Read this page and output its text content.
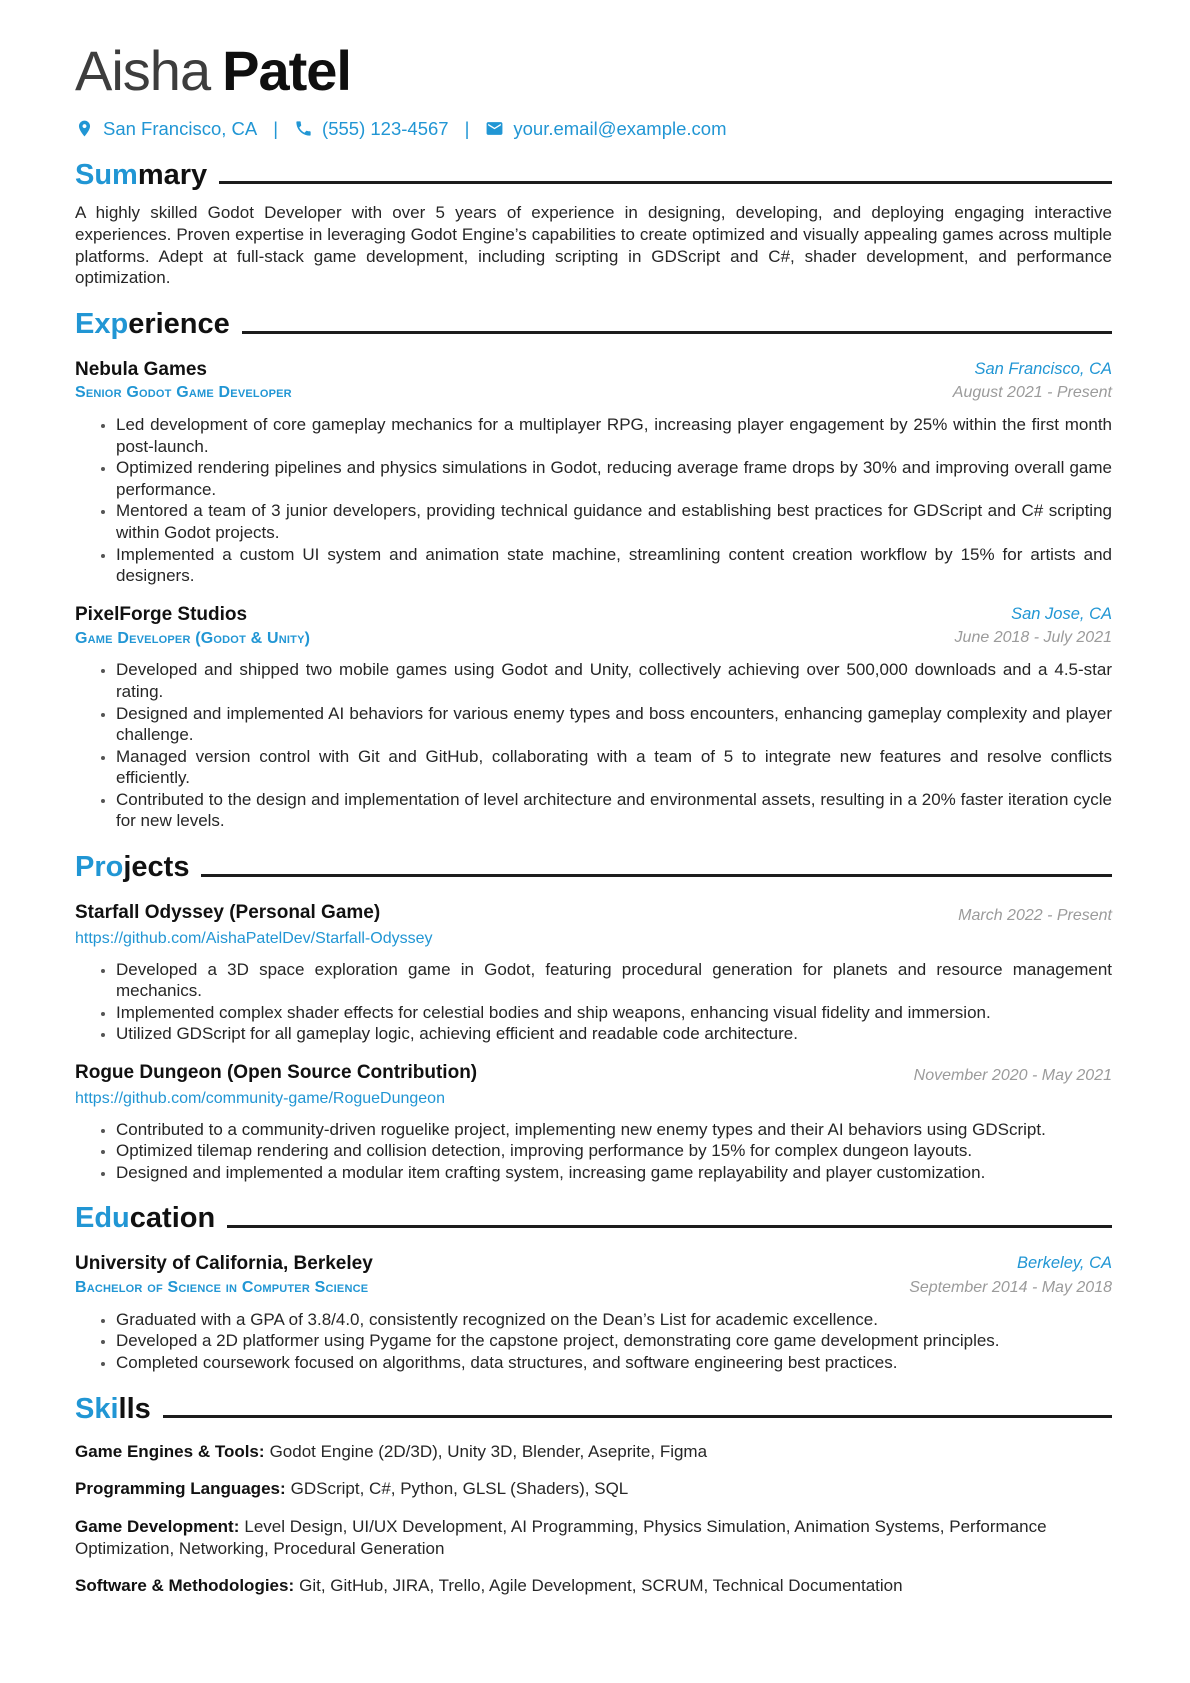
Aisha Patel
San Francisco, CA | (555) 123-4567 | your.email@example.com
Sum mary

A highly skilled Godot Developer with over 5 years of experience in designing, developing, and deploying engaging interactive experiences. Proven expertise in leveraging Godot Engine’s capabilities to create optimized and visually appealing games across multiple platforms. Adept at full-stack game development, including scripting in GDScript and C#, shader development, and performance optimization.

Exp erience
Nebula Games
Senior Godot Game Developer
San Francisco, CA
August 2021 - Present
• Led development of core gameplay mechanics for a multiplayer RPG, increasing player engagement by 25% within the first month post-launch.
• Optimized rendering pipelines and physics simulations in Godot, reducing average frame drops by 30% and improving overall game performance.
• Mentored a team of 3 junior developers, providing technical guidance and establishing best practices for GDScript and C# scripting within Godot projects.
• Implemented a custom UI system and animation state machine, streamlining content creation workflow by 15% for artists and designers.
PixelForge Studios
Game Developer (Godot & Unity)
San Jose, CA
June 2018 - July 2021
• Developed and shipped two mobile games using Godot and Unity, collectively achieving over 500,000 downloads and a 4.5-star rating.
• Designed and implemented AI behaviors for various enemy types and boss encounters, enhancing gameplay complexity and player challenge.
• Managed version control with Git and GitHub, collaborating with a team of 5 to integrate new features and resolve conflicts efficiently.
• Contributed to the design and implementation of level architecture and environmental assets, resulting in a 20% faster iteration cycle for new levels.
Pro jects
Starfall Odyssey (Personal Game)
https://github.com/AishaPatelDev/Starfall-Odyssey
March 2022 - Present
• Developed a 3D space exploration game in Godot, featuring procedural generation for planets and resource management mechanics.
• Implemented complex shader effects for celestial bodies and ship weapons, enhancing visual fidelity and immersion.
• Utilized GDScript for all gameplay logic, achieving efficient and readable code architecture.
Rogue Dungeon (Open Source Contribution)
https://github.com/community-game/RogueDungeon
November 2020 - May 2021
• Contributed to a community-driven roguelike project, implementing new enemy types and their AI behaviors using GDScript.
• Optimized tilemap rendering and collision detection, improving performance by 15% for complex dungeon layouts.
• Designed and implemented a modular item crafting system, increasing game replayability and player customization.
Edu cation
University of California, Berkeley
Bachelor of Science in Computer Science
Berkeley, CA
September 2014 - May 2018
• Graduated with a GPA of 3.8/4.0, consistently recognized on the Dean’s List for academic excellence.
• Developed a 2D platformer using Pygame for the capstone project, demonstrating core game development principles.
• Completed coursework focused on algorithms, data structures, and software engineering best practices.
Ski lls
Game Engines & Tools: Godot Engine (2D/3D), Unity 3D, Blender, Aseprite, Figma
Programming Languages: GDScript, C#, Python, GLSL (Shaders), SQL
Game Development: Level Design, UI/UX Development, AI Programming, Physics Simulation, Animation Systems, Performance Optimization, Networking, Procedural Generation
Software & Methodologies: Git, GitHub, JIRA, Trello, Agile Development, SCRUM, Technical Documentation
